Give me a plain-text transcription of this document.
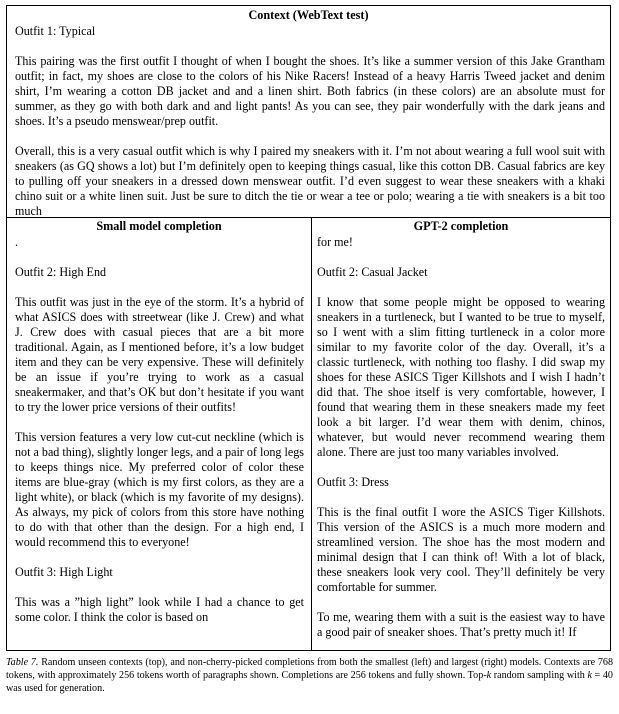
Context (WebText test)

Outfit 1: Typical

This pairing was the first outfit I thought of when I bought the shoes. It’s like a summer version of this Jake Grantham outfit; in fact, my shoes are close to the colors of his Nike Racers! Instead of a heavy Harris Tweed jacket and denim shirt, I’m wearing a cotton DB jacket and and a linen shirt. Both fabrics (in these colors) are an absolute must for summer, as they go with both dark and and light pants! As you can see, they pair wonderfully with the dark jeans and shoes. It’s a pseudo menswear/prep outfit.

Overall, this is a very casual outfit which is why I paired my sneakers with it. I’m not about wearing a full wool suit with sneakers (as GQ shows a lot) but I’m definitely open to keeping things casual, like this cotton DB. Casual fabrics are key to pulling off your sneakers in a dressed down menswear outfit. I’d even suggest to wear these sneakers with a khaki chino suit or a white linen suit. Just be sure to ditch the tie or wear a tee or polo; wearing a tie with sneakers is a bit too much

Small model completion	GPT-2 completion

.

Outfit 2: High End

This outfit was just in the eye of the storm. It’s a hybrid of what ASICS does with streetwear (like J. Crew) and what J. Crew does with casual pieces that are a bit more traditional. Again, as I mentioned before, it’s a low budget item and they can be very expensive. These will definitely be an issue if you’re trying to work as a casual sneakermaker, and that’s OK but don’t hesitate if you want to try the lower price versions of their outfits!

This version features a very low cut-cut neckline (which is not a bad thing), slightly longer legs, and a pair of long legs to keeps things nice. My preferred color of color these items are blue-gray (which is my first colors, as they are a light white), or black (which is my favorite of my designs). As always, my pick of colors from this store have nothing to do with that other than the design. For a high end, I would recommend this to everyone!

Outfit 3: High Light

This was a ”high light” look while I had a chance to get some color. I think the color is based on

for me!

Outfit 2: Casual Jacket

I know that some people might be opposed to wearing sneakers in a turtleneck, but I wanted to be true to myself, so I went with a slim fitting turtleneck in a color more similar to my favorite color of the day. Overall, it’s a classic turtleneck, with nothing too flashy. I did swap my shoes for these ASICS Tiger Killshots and I wish I hadn’t did that. The shoe itself is very comfortable, however, I found that wearing them in these sneakers made my feet look a bit larger. I’d wear them with denim, chinos, whatever, but would never recommend wearing them alone. There are just too many variables involved.

Outfit 3: Dress

This is the final outfit I wore the ASICS Tiger Killshots. This version of the ASICS is a much more modern and streamlined version. The shoe has the most modern and minimal design that I can think of! With a lot of black, these sneakers look very cool. They’ll definitely be very comfortable for summer.

To me, wearing them with a suit is the easiest way to have a good pair of sneaker shoes. That’s pretty much it! If

Table 7. Random unseen contexts (top), and non-cherry-picked completions from both the smallest (left) and largest (right) models. Contexts are 768 tokens, with approximately 256 tokens worth of paragraphs shown. Completions are 256 tokens and fully shown. Top-k random sampling with k = 40 was used for generation.
